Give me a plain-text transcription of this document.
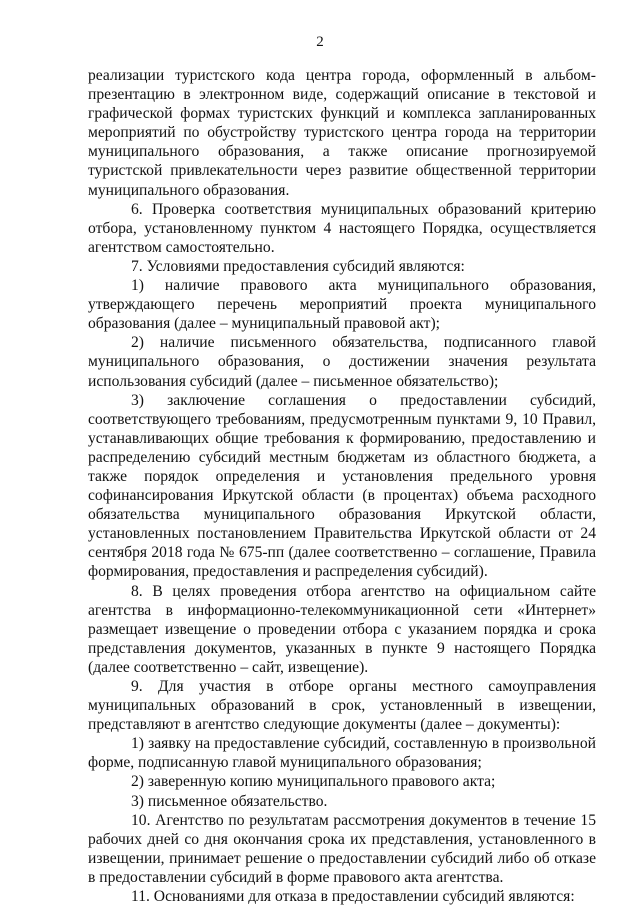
2

реализации туристского кода центра города, оформленный в альбом-презентацию в электронном виде, содержащий описание в текстовой и графической формах туристских функций и комплекса запланированных мероприятий по обустройству туристского центра города на территории муниципального образования, а также описание прогнозируемой туристской привлекательности через развитие общественной территории муниципального образования.

6. Проверка соответствия муниципальных образований критерию отбора, установленному пунктом 4 настоящего Порядка, осуществляется агентством самостоятельно.

7. Условиями предоставления субсидий являются:

1) наличие правового акта муниципального образования, утверждающего перечень мероприятий проекта муниципального образования (далее – муниципальный правовой акт);

2) наличие письменного обязательства, подписанного главой муниципального образования, о достижении значения результата использования субсидий (далее – письменное обязательство);

3) заключение соглашения о предоставлении субсидий, соответствующего требованиям, предусмотренным пунктами 9, 10 Правил, устанавливающих общие требования к формированию, предоставлению и распределению субсидий местным бюджетам из областного бюджета, а также порядок определения и установления предельного уровня софинансирования Иркутской области (в процентах) объема расходного обязательства муниципального образования Иркутской области, установленных постановлением Правительства Иркутской области от 24 сентября 2018 года № 675-пп (далее соответственно – соглашение, Правила формирования, предоставления и распределения субсидий).

8. В целях проведения отбора агентство на официальном сайте агентства в информационно-телекоммуникационной сети «Интернет» размещает извещение о проведении отбора с указанием порядка и срока представления документов, указанных в пункте 9 настоящего Порядка (далее соответственно – сайт, извещение).

9. Для участия в отборе органы местного самоуправления муниципальных образований в срок, установленный в извещении, представляют в агентство следующие документы (далее – документы):

1) заявку на предоставление субсидий, составленную в произвольной форме, подписанную главой муниципального образования;

2) заверенную копию муниципального правового акта;

3) письменное обязательство.

10. Агентство по результатам рассмотрения документов в течение 15 рабочих дней со дня окончания срока их представления, установленного в извещении, принимает решение о предоставлении субсидий либо об отказе в предоставлении субсидий в форме правового акта агентства.

11. Основаниями для отказа в предоставлении субсидий являются:
